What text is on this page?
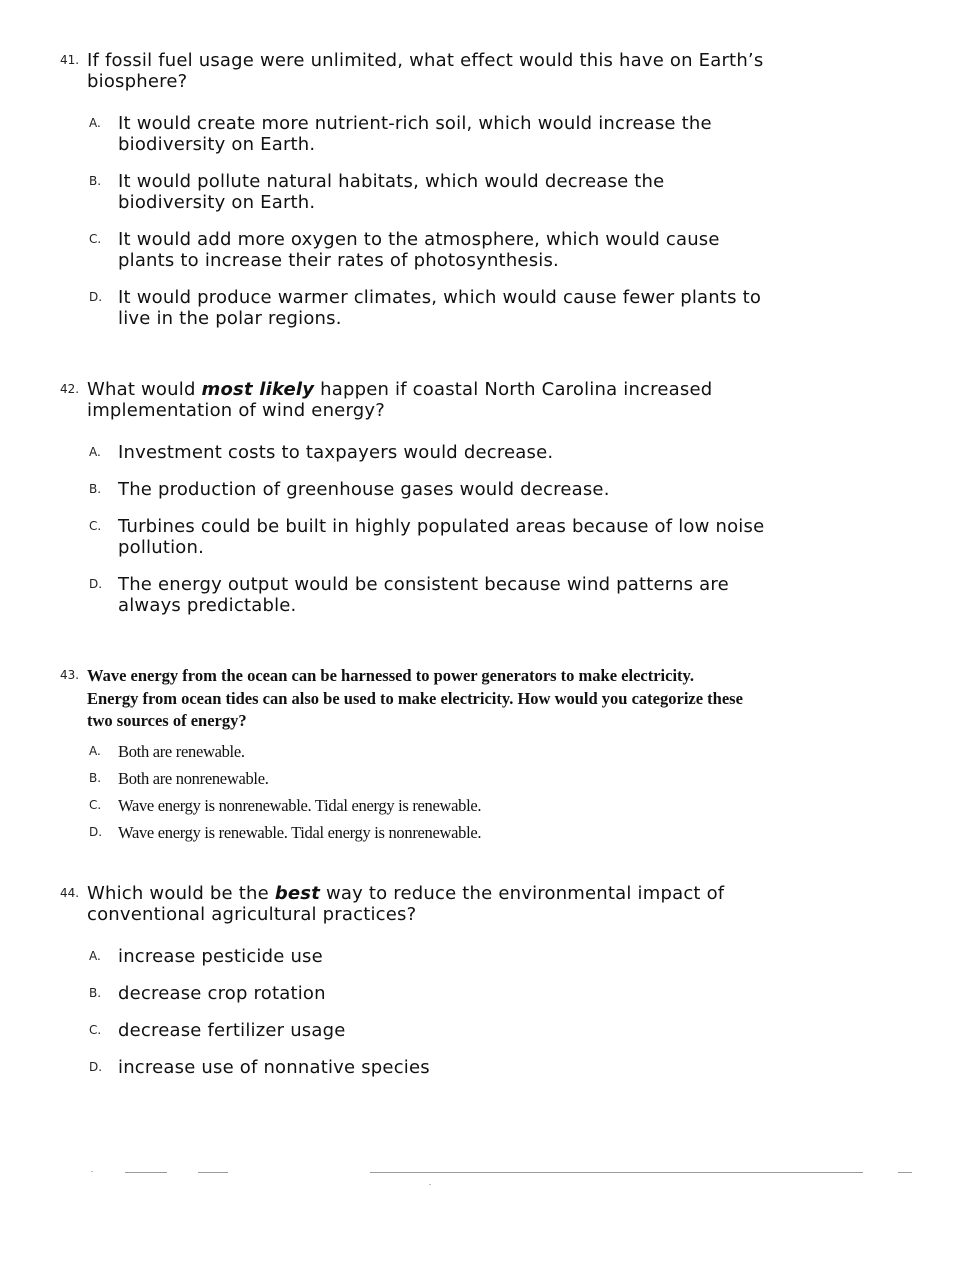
41. If fossil fuel usage were unlimited, what effect would this have on Earth’s biosphere?
A. It would create more nutrient-rich soil, which would increase the biodiversity on Earth.
B. It would pollute natural habitats, which would decrease the biodiversity on Earth.
C. It would add more oxygen to the atmosphere, which would cause plants to increase their rates of photosynthesis.
D. It would produce warmer climates, which would cause fewer plants to live in the polar regions.
42. What would most likely happen if coastal North Carolina increased implementation of wind energy?
A. Investment costs to taxpayers would decrease.
B. The production of greenhouse gases would decrease.
C. Turbines could be built in highly populated areas because of low noise pollution.
D. The energy output would be consistent because wind patterns are always predictable.
43. Wave energy from the ocean can be harnessed to power generators to make electricity. Energy from ocean tides can also be used to make electricity. How would you categorize these two sources of energy?
A. Both are renewable.
B. Both are nonrenewable.
C. Wave energy is nonrenewable. Tidal energy is renewable.
D. Wave energy is renewable. Tidal energy is nonrenewable.
44. Which would be the best way to reduce the environmental impact of conventional agricultural practices?
A. increase pesticide use
B. decrease crop rotation
C. decrease fertilizer usage
D. increase use of nonnative species
